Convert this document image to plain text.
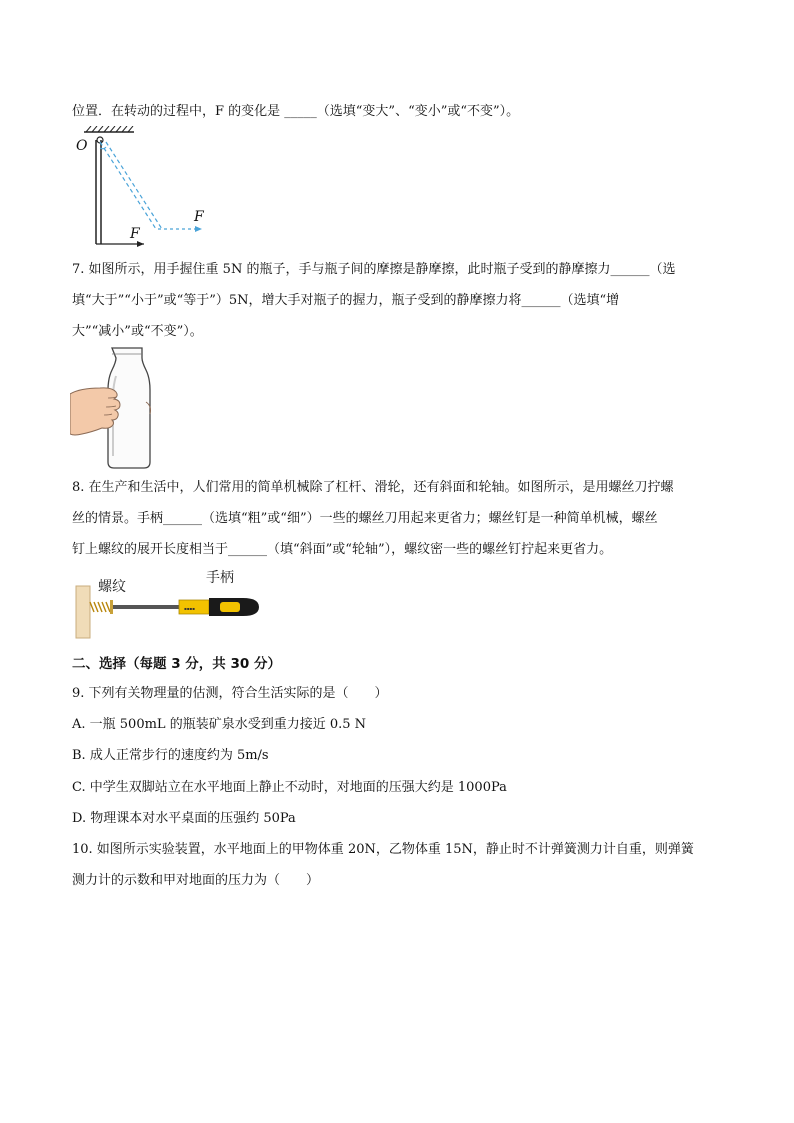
位置．在转动的过程中，F 的变化是 _____（选填“变大”、“变小”或“不变”）。
O
F
F
7. 如图所示，用手握住重 5N 的瓶子，手与瓶子间的摩擦是静摩擦，此时瓶子受到的静摩擦力______（选
填“大于”“小于”或“等于”）5N，增大手对瓶子的握力，瓶子受到的静摩擦力将______（选填“增
大”“减小”或“不变”）。
8. 在生产和生活中，人们常用的简单机械除了杠杆、滑轮，还有斜面和轮轴。如图所示，是用螺丝刀拧螺
丝的情景。手柄______（选填“粗”或“细”）一些的螺丝刀用起来更省力；螺丝钉是一种简单机械，螺丝
钉上螺纹的展开长度相当于______（填“斜面”或“轮轴”），螺纹密一些的螺丝钉拧起来更省力。
▪▪▪▪
螺纹
手柄
二、选择（每题 3 分，共 30 分）
9. 下列有关物理量的估测，符合生活实际的是（　　）
A. 一瓶 500mL 的瓶装矿泉水受到重力接近 0.5 N
B. 成人正常步行的速度约为 5m/s
C. 中学生双脚站立在水平地面上静止不动时，对地面的压强大约是 1000Pa
D. 物理课本对水平桌面的压强约 50Pa
10. 如图所示实验装置，水平地面上的甲物体重 20N，乙物体重 15N，静止时不计弹簧测力计自重，则弹簧
测力计的示数和甲对地面的压力为（　　）
